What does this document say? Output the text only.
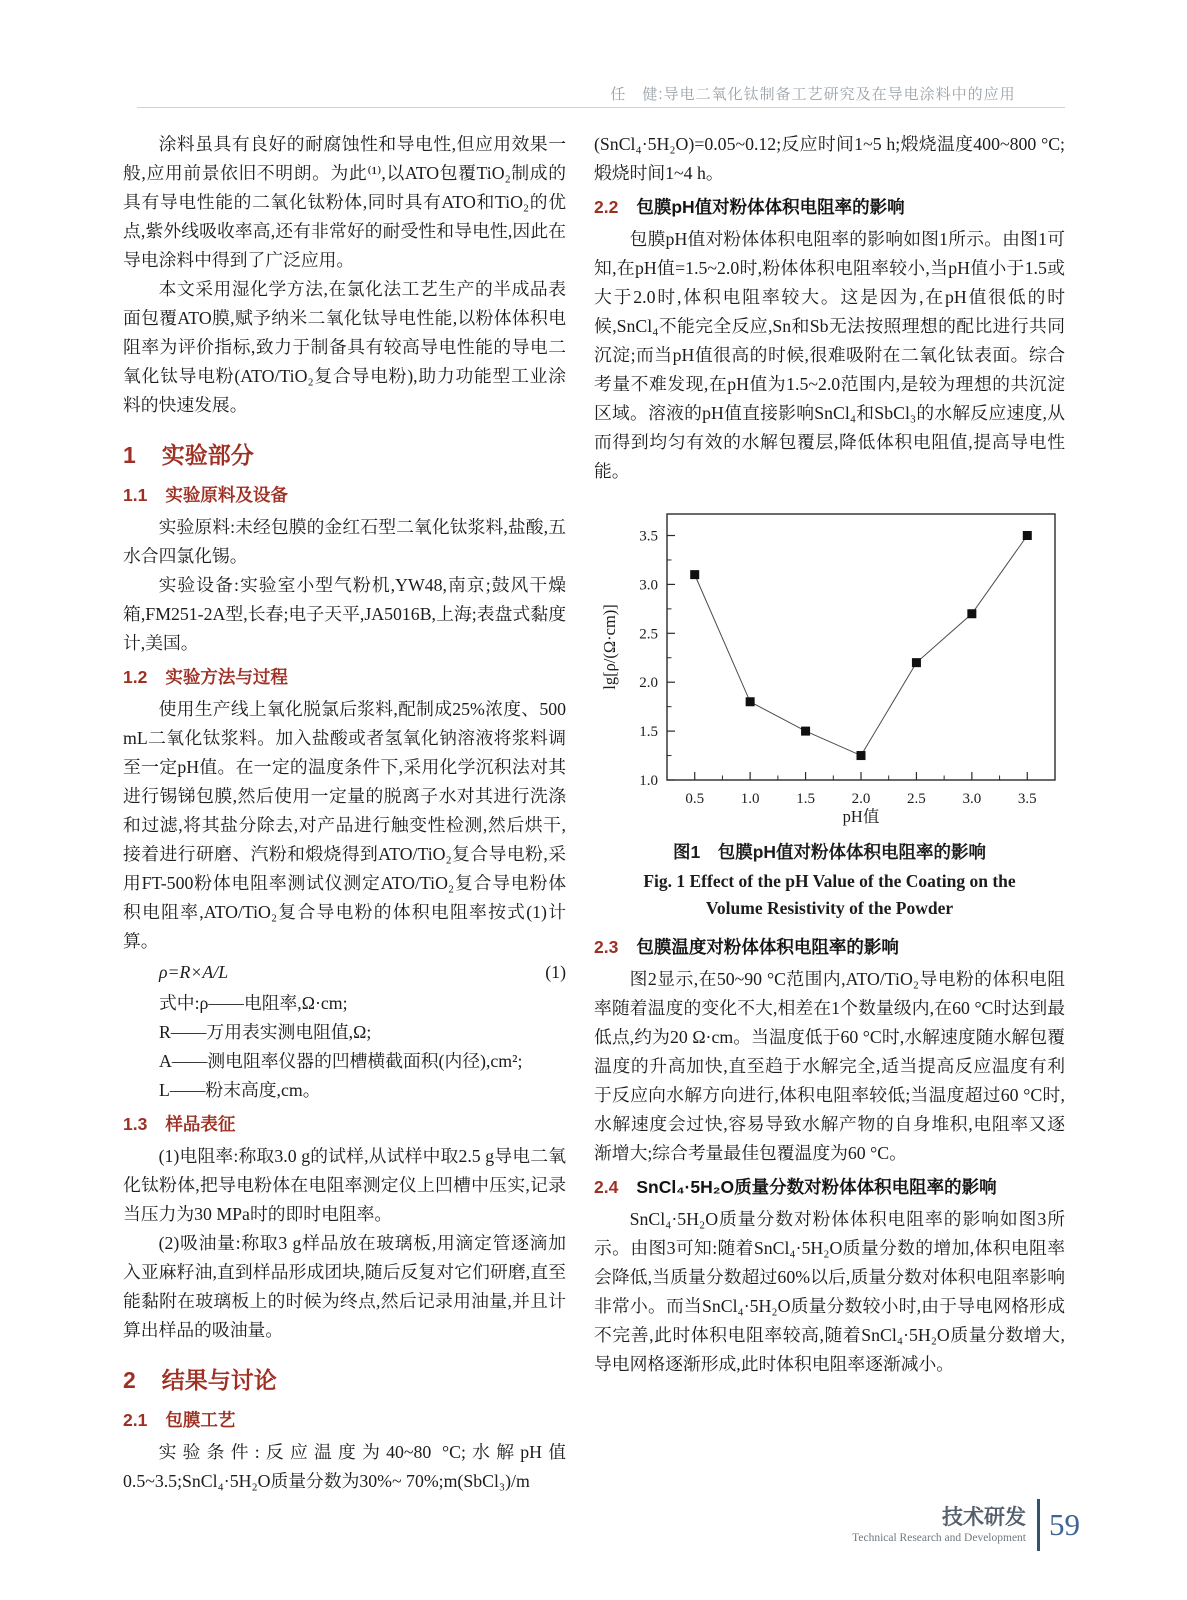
任　健:导电二氧化钛制备工艺研究及在导电涂料中的应用

涂料虽具有良好的耐腐蚀性和导电性,但应用效果一般,应用前景依旧不明朗。为此⁽¹⁾,以ATO包覆TiO₂制成的具有导电性能的二氧化钛粉体,同时具有ATO和TiO₂的优点,紫外线吸收率高,还有非常好的耐受性和导电性,因此在导电涂料中得到了广泛应用。

本文采用湿化学方法,在氯化法工艺生产的半成品表面包覆ATO膜,赋予纳米二氧化钛导电性能,以粉体体积电阻率为评价指标,致力于制备具有较高导电性能的导电二氧化钛导电粉(ATO/TiO₂复合导电粉),助力功能型工业涂料的快速发展。

1 实验部分
1.1 实验原料及设备

实验原料:未经包膜的金红石型二氧化钛浆料,盐酸,五水合四氯化锡。

实验设备:实验室小型气粉机,YW48,南京;鼓风干燥箱,FM251-2A型,长春;电子天平,JA5016B,上海;表盘式黏度计,美国。

1.2 实验方法与过程

使用生产线上氧化脱氯后浆料,配制成25%浓度、500 mL二氧化钛浆料。加入盐酸或者氢氧化钠溶液将浆料调至一定pH值。在一定的温度条件下,采用化学沉积法对其进行锡锑包膜,然后使用一定量的脱离子水对其进行洗涤和过滤,将其盐分除去,对产品进行触变性检测,然后烘干,接着进行研磨、汽粉和煅烧得到ATO/TiO₂复合导电粉,采用FT-500粉体电阻率测试仪测定ATO/TiO₂复合导电粉体积电阻率,ATO/TiO₂复合导电粉的体积电阻率按式(1)计算。

ρ=R×A/L	(1)

式中:ρ——电阻率,Ω·cm;

R——万用表实测电阻值,Ω;

A——测电阻率仪器的凹槽横截面积(内径),cm²;

L——粉末高度,cm。

1.3 样品表征

(1)电阻率:称取3.0 g的试样,从试样中取2.5 g导电二氧化钛粉体,把导电粉体在电阻率测定仪上凹槽中压实,记录当压力为30 MPa时的即时电阻率。

(2)吸油量:称取3 g样品放在玻璃板,用滴定管逐滴加入亚麻籽油,直到样品形成团块,随后反复对它们研磨,直至能黏附在玻璃板上的时候为终点,然后记录用油量,并且计算出样品的吸油量。

2 结果与讨论
2.1 包膜工艺

实验条件:反应温度为40~80 °C;水解pH值0.5~3.5;SnCl₄·5H₂O质量分数为30%~ 70%;m(SbCl₃)/m

(SnCl₄·5H₂O)=0.05~0.12;反应时间1~5 h;煅烧温度400~800 °C;煅烧时间1~4 h。

2.2 包膜pH值对粉体体积电阻率的影响

包膜pH值对粉体体积电阻率的影响如图1所示。由图1可知,在pH值=1.5~2.0时,粉体体积电阻率较小,当pH值小于1.5或大于2.0时,体积电阻率较大。这是因为,在pH值很低的时候,SnCl₄不能完全反应,Sn和Sb无法按照理想的配比进行共同沉淀;而当pH值很高的时候,很难吸附在二氧化钛表面。综合考量不难发现,在pH值为1.5~2.0范围内,是较为理想的共沉淀区域。溶液的pH值直接影响SnCl₄和SbCl₃的水解反应速度,从而得到均匀有效的水解包覆层,降低体积电阻值,提高导电性能。

0.5 1.0 1.5 2.0 2.5 3.0 3.5
1.0
1.5
2.0
2.5
3.0
3.5
pH值
lg[ρ/(Ω·cm)]
图1　包膜pH值对粉体体积电阻率的影响
Fig. 1 Effect of the pH Value of the Coating on the Volume Resistivity of the Powder
2.3 包膜温度对粉体体积电阻率的影响

图2显示,在50~90 °C范围内,ATO/TiO₂导电粉的体积电阻率随着温度的变化不大,相差在1个数量级内,在60 °C时达到最低点,约为20 Ω·cm。当温度低于60 °C时,水解速度随水解包覆温度的升高加快,直至趋于水解完全,适当提高反应温度有利于反应向水解方向进行,体积电阻率较低;当温度超过60 °C时,水解速度会过快,容易导致水解产物的自身堆积,电阻率又逐渐增大;综合考量最佳包覆温度为60 °C。

2.4 SnCl₄·5H₂O质量分数对粉体体积电阻率的影响

SnCl₄·5H₂O质量分数对粉体体积电阻率的影响如图3所示。由图3可知:随着SnCl₄·5H₂O质量分数的增加,体积电阻率会降低,当质量分数超过60%以后,质量分数对体积电阻率影响非常小。而当SnCl₄·5H₂O质量分数较小时,由于导电网格形成不完善,此时体积电阻率较高,随着SnCl₄·5H₂O质量分数增大,导电网格逐渐形成,此时体积电阻率逐渐减小。

技术研发
Technical Research and Development 59
